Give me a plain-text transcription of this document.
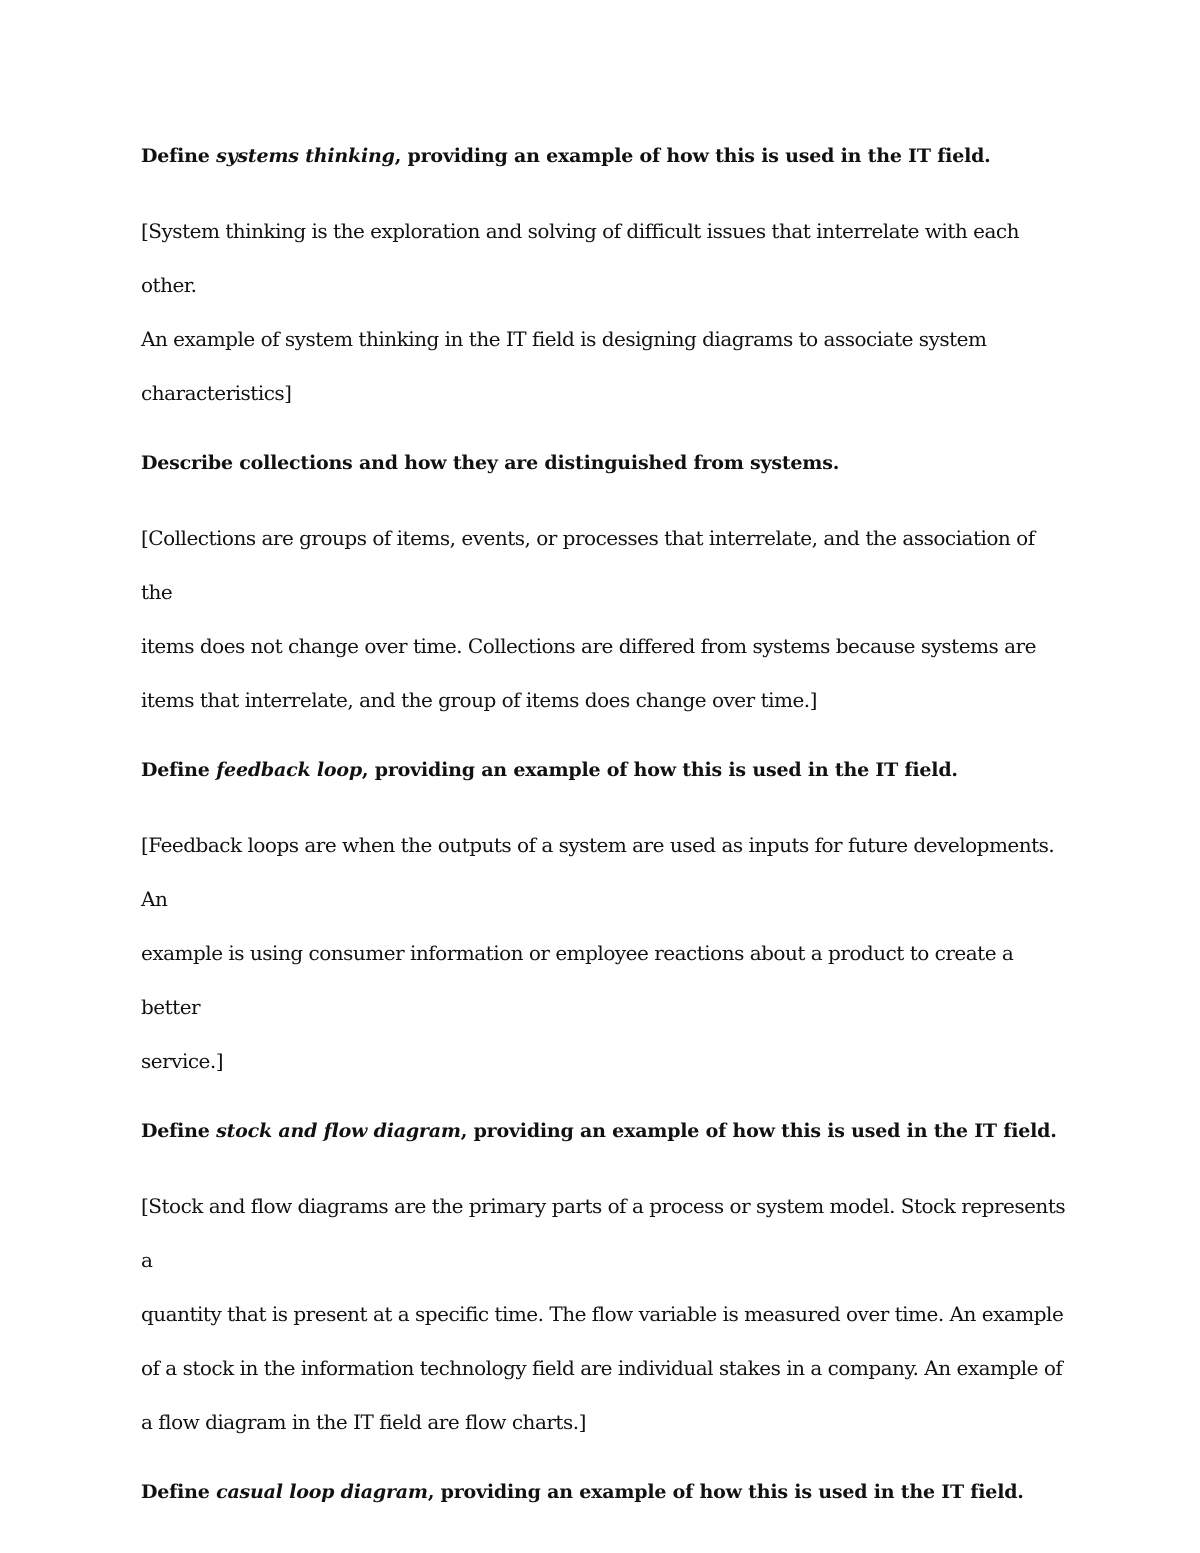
Define systems thinking, providing an example of how this is used in the IT field.

[System thinking is the exploration and solving of difficult issues that interrelate with each other.

An example of system thinking in the IT field is designing diagrams to associate system

characteristics]

Describe collections and how they are distinguished from systems.

[Collections are groups of items, events, or processes that interrelate, and the association of the

items does not change over time. Collections are differed from systems because systems are

items that interrelate, and the group of items does change over time.]

Define feedback loop, providing an example of how this is used in the IT field.

[Feedback loops are when the outputs of a system are used as inputs for future developments. An

example is using consumer information or employee reactions about a product to create a better

service.]

Define stock and flow diagram, providing an example of how this is used in the IT field.

[Stock and flow diagrams are the primary parts of a process or system model. Stock represents a

quantity that is present at a specific time. The flow variable is measured over time. An example

of a stock in the information technology field are individual stakes in a company. An example of

a flow diagram in the IT field are flow charts.]

Define casual loop diagram, providing an example of how this is used in the IT field.
